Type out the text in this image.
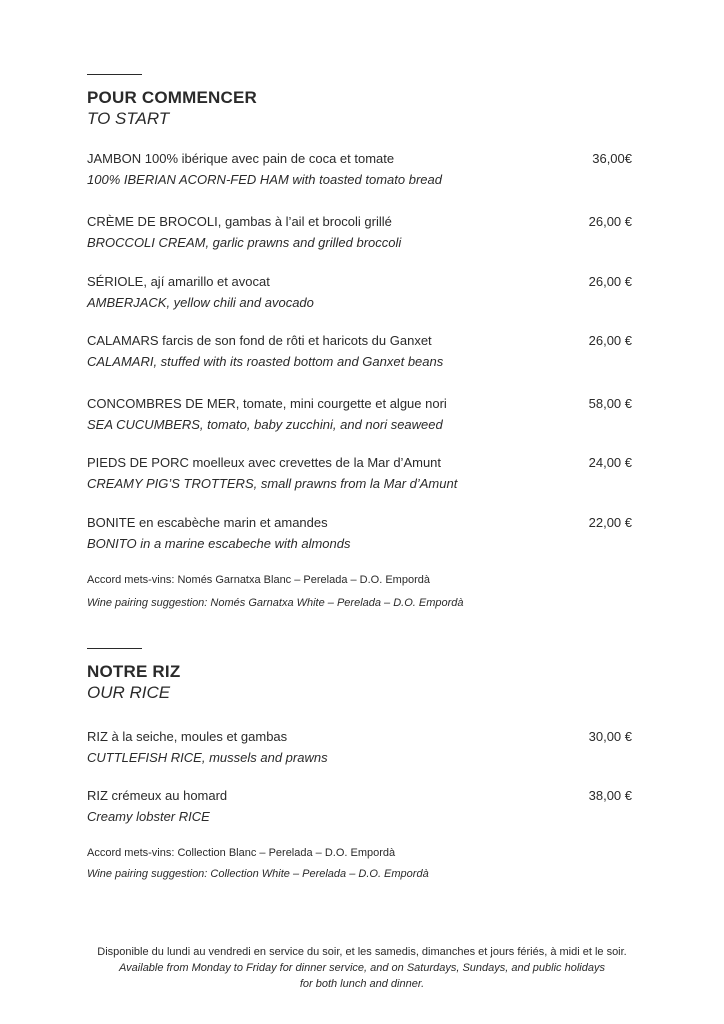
POUR COMMENCER
TO START
JAMBON 100% ibérique avec pain de coca et tomate
100% IBERIAN ACORN-FED HAM with toasted tomato bread
36,00€
CRÈME DE BROCOLI, gambas à l’ail et brocoli grillé
BROCCOLI CREAM, garlic prawns and grilled broccoli
26,00 €
SÉRIOLE, ají amarillo et avocat
AMBERJACK, yellow chili and avocado
26,00 €
CALAMARS farcis de son fond de rôti et haricots du Ganxet
CALAMARI, stuffed with its roasted bottom and Ganxet beans
26,00 €
CONCOMBRES DE MER, tomate, mini courgette et algue nori
SEA CUCUMBERS, tomato, baby zucchini, and nori seaweed
58,00 €
PIEDS DE PORC moelleux avec crevettes de la Mar d’Amunt
CREAMY PIG’S TROTTERS, small prawns from la Mar d’Amunt
24,00 €
BONITE en escabèche marin et amandes
BONITO in a marine escabeche with almonds
22,00 €
Accord mets-vins: Només Garnatxa Blanc – Perelada – D.O. Empordà
Wine pairing suggestion: Només Garnatxa White – Perelada – D.O. Empordà
NOTRE RIZ
OUR RICE
RIZ à la seiche, moules et gambas
CUTTLEFISH RICE, mussels and prawns
30,00 €
RIZ crémeux au homard
Creamy lobster RICE
38,00 €
Accord mets-vins: Collection Blanc – Perelada – D.O. Empordà
Wine pairing suggestion: Collection White – Perelada – D.O. Empordà
Disponible du lundi au vendredi en service du soir, et les samedis, dimanches et jours fériés, à midi et le soir.
Available from Monday to Friday for dinner service, and on Saturdays, Sundays, and public holidays
for both lunch and dinner.
